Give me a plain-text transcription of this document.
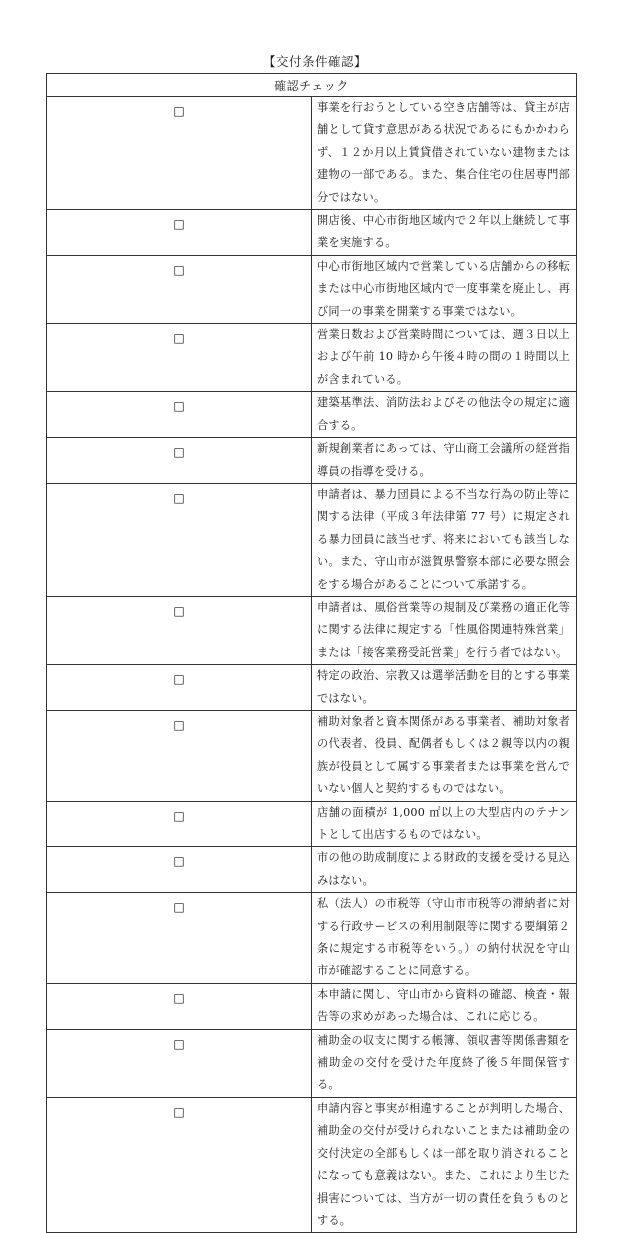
【交付条件確認】
確認チェック	
□	事業を行おうとしている空き店舗等は、貸主が店舗として貸す意思がある状況であるにもかかわらず、１２か月以上賃貸借されていない建物または建物の一部である。また、集合住宅の住居専門部分ではない。
□	開店後、中心市街地区域内で２年以上継続して事業を実施する。
□	中心市街地区域内で営業している店舗からの移転または中心市街地区域内で一度事業を廃止し、再び同一の事業を開業する事業ではない。
□	営業日数および営業時間については、週３日以上および午前 10 時から午後４時の間の１時間以上が含まれている。
□	建築基準法、消防法およびその他法令の規定に適合する。
□	新規創業者にあっては、守山商工会議所の経営指導員の指導を受ける。
□	申請者は、暴力団員による不当な行為の防止等に関する法律（平成３年法律第 77 号）に規定される暴力団員に該当せず、将来においても該当しない。また、守山市が滋賀県警察本部に必要な照会をする場合があることについて承諾する。
□	申請者は、風俗営業等の規制及び業務の適正化等に関する法律に規定する「性風俗関連特殊営業」または「接客業務受託営業」を行う者ではない。
□	特定の政治、宗教又は選挙活動を目的とする事業ではない。
□	補助対象者と資本関係がある事業者、補助対象者の代表者、役員、配偶者もしくは２親等以内の親族が役員として属する事業者または事業を営んでいない個人と契約するものではない。
□	店舗の面積が 1,000 ㎡以上の大型店内のテナントとして出店するものではない。
□	市の他の助成制度による財政的支援を受ける見込みはない。
□	私（法人）の市税等（守山市市税等の滞納者に対する行政サービスの利用制限等に関する要綱第２条に規定する市税等をいう。）の納付状況を守山市が確認することに同意する。
□	本申請に関し、守山市から資料の確認、検査・報告等の求めがあった場合は、これに応じる。
□	補助金の収支に関する帳簿、領収書等関係書類を補助金の交付を受けた年度終了後５年間保管する。
□	申請内容と事実が相違することが判明した場合、補助金の交付が受けられないことまたは補助金の交付決定の全部もしくは一部を取り消されることになっても意義はない。また、これにより生じた損害については、当方が一切の責任を負うものとする。
